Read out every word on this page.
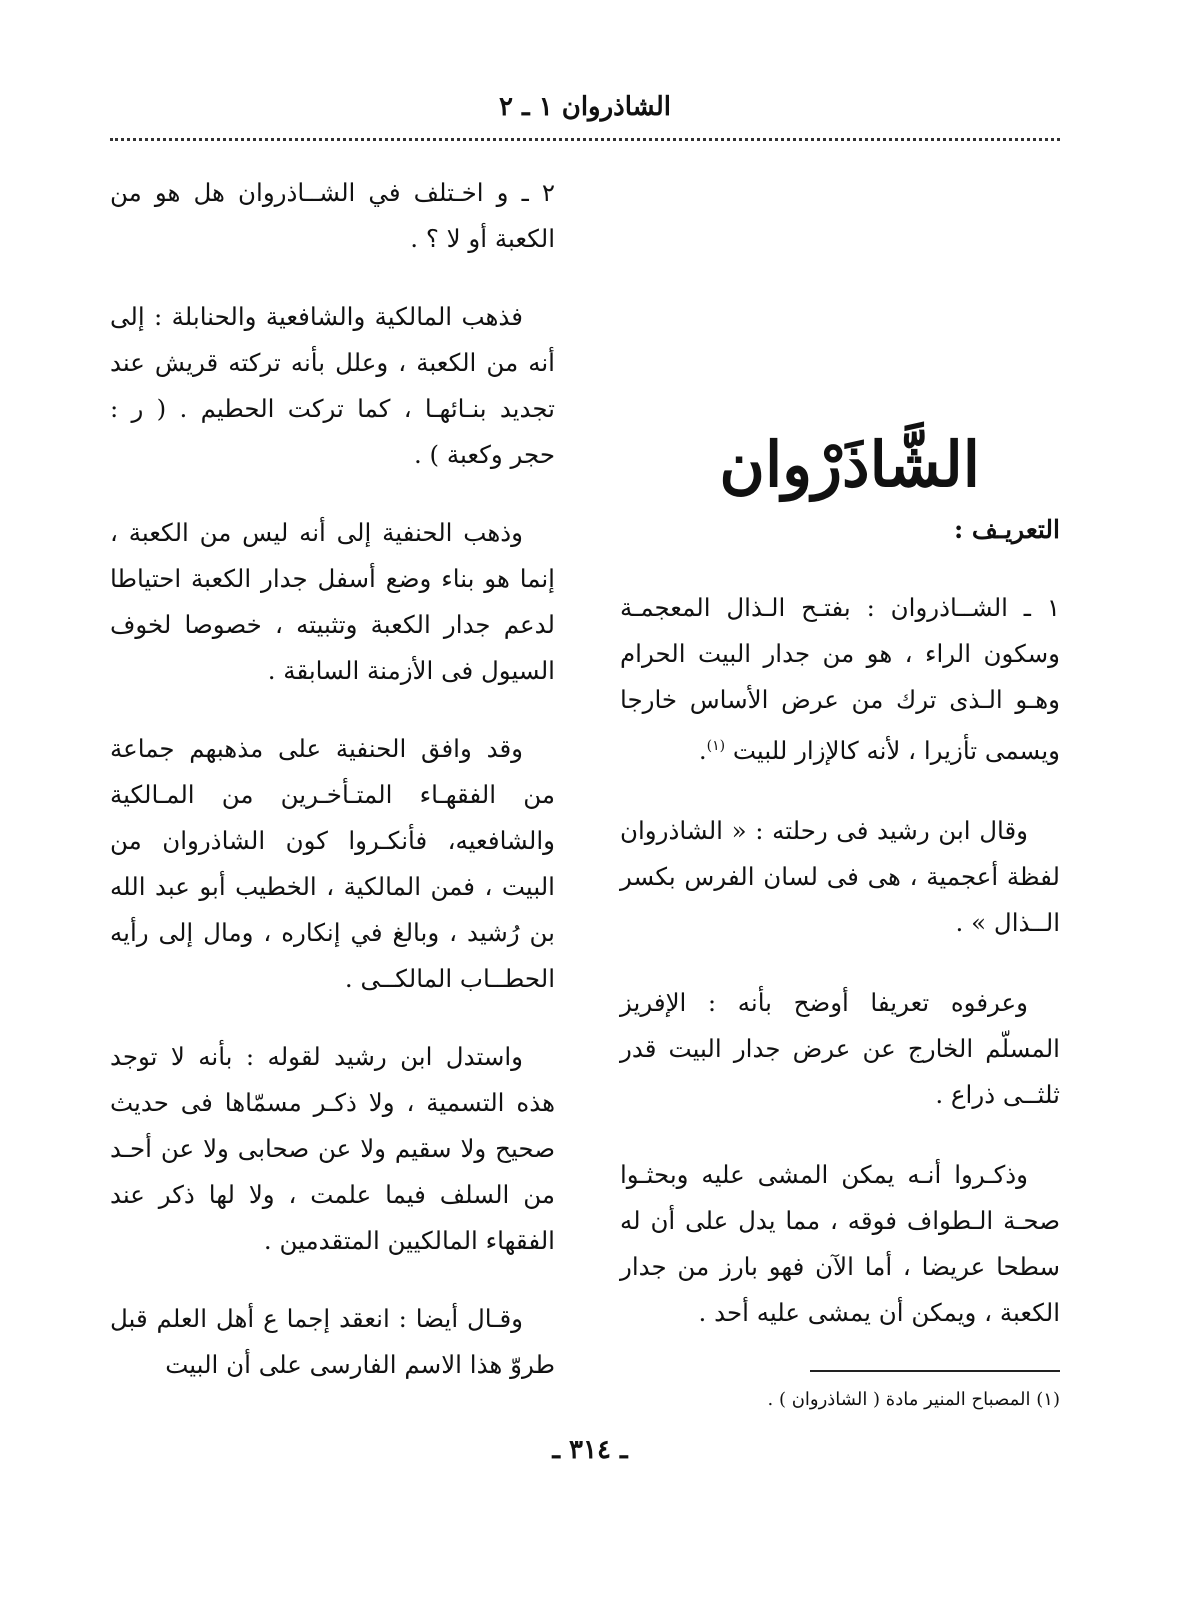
الشاذروان ١ ـ ٢

٢ ـ و اخـتلف في الشــاذروان هل هو من الكعبة أو لا ؟ .

فذهب المالكية والشافعية والحنابلة : إلى أنه من الكعبة ، وعلل بأنه تركته قريش عند تجديد بنـائهـا ، كما تركت الحطيم . ( ر : حجر وكعبة ) .

وذهب الحنفية إلى أنه ليس من الكعبة ، إنما هو بناء وضع أسفل جدار الكعبة احتياطا لدعم جدار الكعبة وتثبيته ، خصوصا لخوف السيول فى الأزمنة السابقة .

وقد وافق الحنفية على مذهبهم جماعة من الفقهـاء المتـأخـرين من المـالكية والشافعيه، فأنكـروا كون الشاذروان من البيت ، فمن المالكية ، الخطيب أبو عبد الله بن رُشيد ، وبالغ في إنكاره ، ومال إلى رأيه الحطــاب المالكــى .

واستدل ابن رشيد لقوله : بأنه لا توجد هذه التسمية ، ولا ذكـر مسمّاها فى حديث صحيح ولا سقيم ولا عن صحابى ولا عن أحـد من السلف فيما علمت ، ولا لها ذكر عند الفقهاء المالكيين المتقدمين .

وقـال أيضا : انعقد إجما ع أهل العلم قبل طروّ هذا الاسم الفارسى على أن البيت

الشَّاذَرْوان
التعريـف :

١ ـ الشــاذروان : بفتـح الـذال المعجمـة وسكون الراء ، هو من جدار البيت الحرام وهـو الـذى ترك من عرض الأساس خارجا ويسمى تأزيرا ، لأنه كالإزار للبيت $^{(١)}$.

وقال ابن رشيد فى رحلته : « الشاذروان لفظة أعجمية ، هى فى لسان الفرس بكسر الــذال » .

وعرفوه تعريفا أوضح بأنه : الإفريز المسلّم الخارج عن عرض جدار البيت قدر ثلثــى ذراع .

وذكـروا أنـه يمكن المشى عليه وبحثـوا صحـة الـطواف فوقه ، مما يدل على أن له سطحا عريضا ، أما الآن فهو بارز من جدار الكعبة ، ويمكن أن يمشى عليه أحد .

(١) المصباح المنير مادة ( الشاذروان ) .
ـ ٣١٤ ـ
